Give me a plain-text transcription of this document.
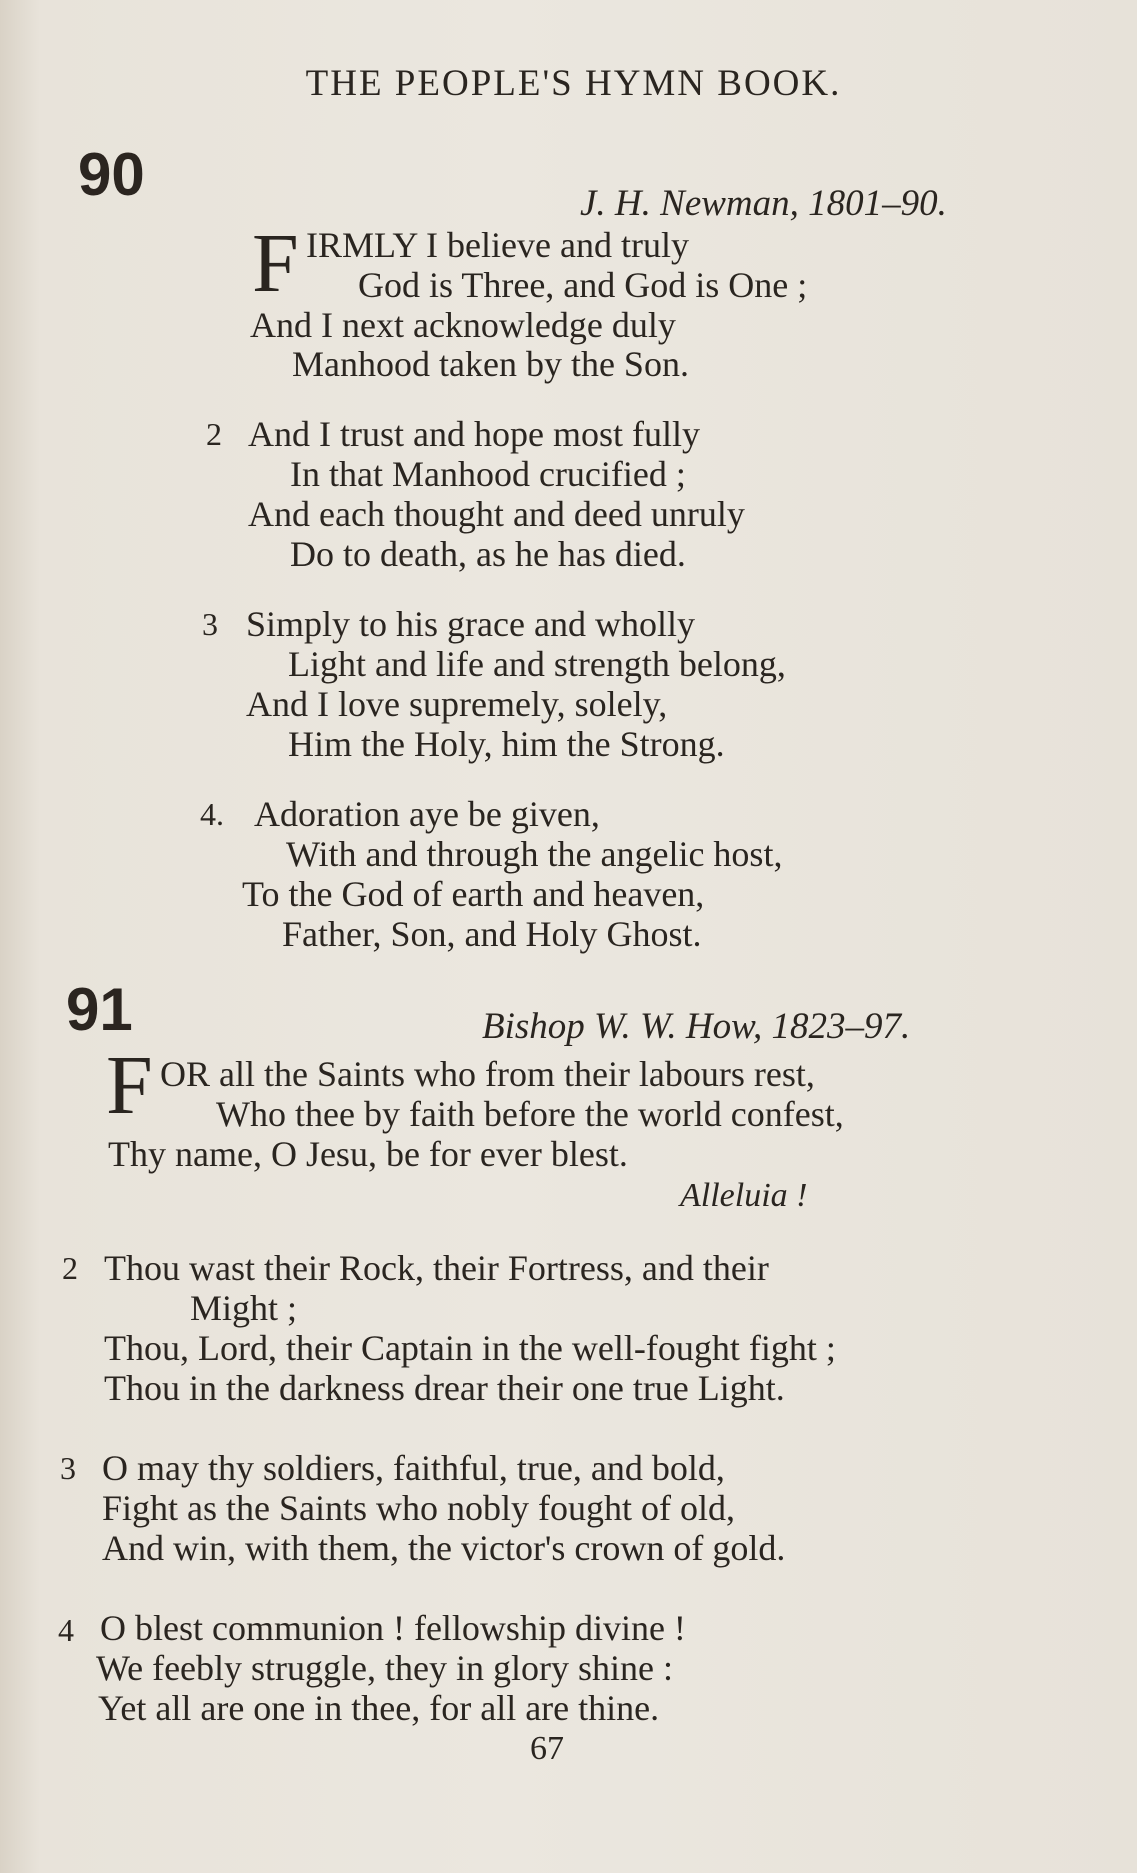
THE PEOPLE'S HYMN BOOK.
90	J. H. Newman, 1801–90.
F IRMLY I believe and truly
God is Three, and God is One ;
And I next acknowledge duly
Manhood taken by the Son.
2 And I trust and hope most fully
In that Manhood crucified ;
And each thought and deed unruly
Do to death, as he has died.
3 Simply to his grace and wholly
Light and life and strength belong,
And I love supremely, solely,
Him the Holy, him the Strong.
4. Adoration aye be given,
With and through the angelic host,
To the God of earth and heaven,
Father, Son, and Holy Ghost.
91	Bishop W. W. How, 1823–97.
F OR all the Saints who from their labours rest,
Who thee by faith before the world confest,
Thy name, O Jesu, be for ever blest.
Alleluia !
2 Thou wast their Rock, their Fortress, and their
Might ;
Thou, Lord, their Captain in the well-fought fight ;
Thou in the darkness drear their one true Light.
3 O may thy soldiers, faithful, true, and bold,
Fight as the Saints who nobly fought of old,
And win, with them, the victor's crown of gold.
4 O blest communion ! fellowship divine !
We feebly struggle, they in glory shine :
Yet all are one in thee, for all are thine.
67
